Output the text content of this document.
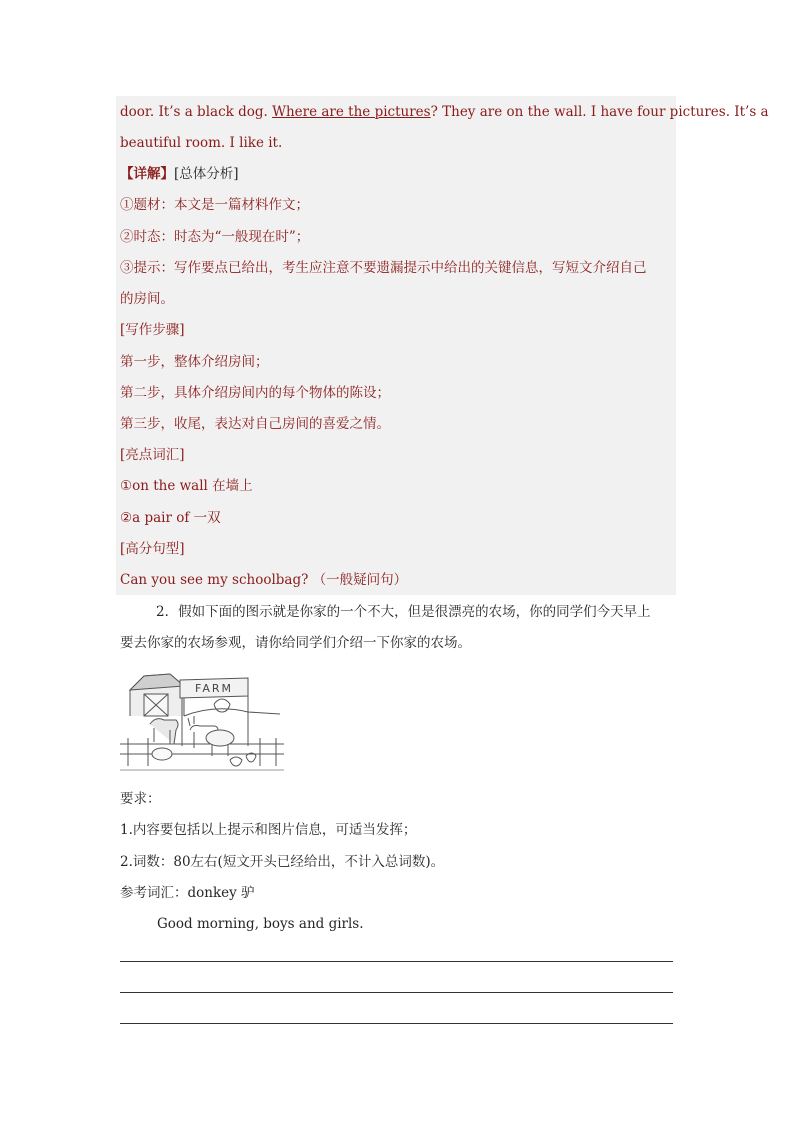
door. It’s a black dog. Where are the pictures? They are on the wall. I have four pictures. It’s a
beautiful room. I like it.
【详解】[总体分析]
①题材：本文是一篇材料作文；
②时态：时态为“一般现在时”；
③提示：写作要点已给出，考生应注意不要遗漏提示中给出的关键信息，写短文介绍自己
的房间。
[写作步骤]
第一步，整体介绍房间；
第二步，具体介绍房间内的每个物体的陈设；
第三步，收尾，表达对自己房间的喜爱之情。
[亮点词汇]
①on the wall 在墙上
②a pair of 一双
[高分句型]
Can you see my schoolbag? （一般疑问句）
2．假如下面的图示就是你家的一个不大，但是很漂亮的农场，你的同学们今天早上
要去你家的农场参观，请你给同学们介绍一下你家的农场。
FARM
要求：
1.内容要包括以上提示和图片信息，可适当发挥；
2.词数：80左右(短文开头已经给出，不计入总词数)。
参考词汇：donkey 驴
Good morning, boys and girls.
